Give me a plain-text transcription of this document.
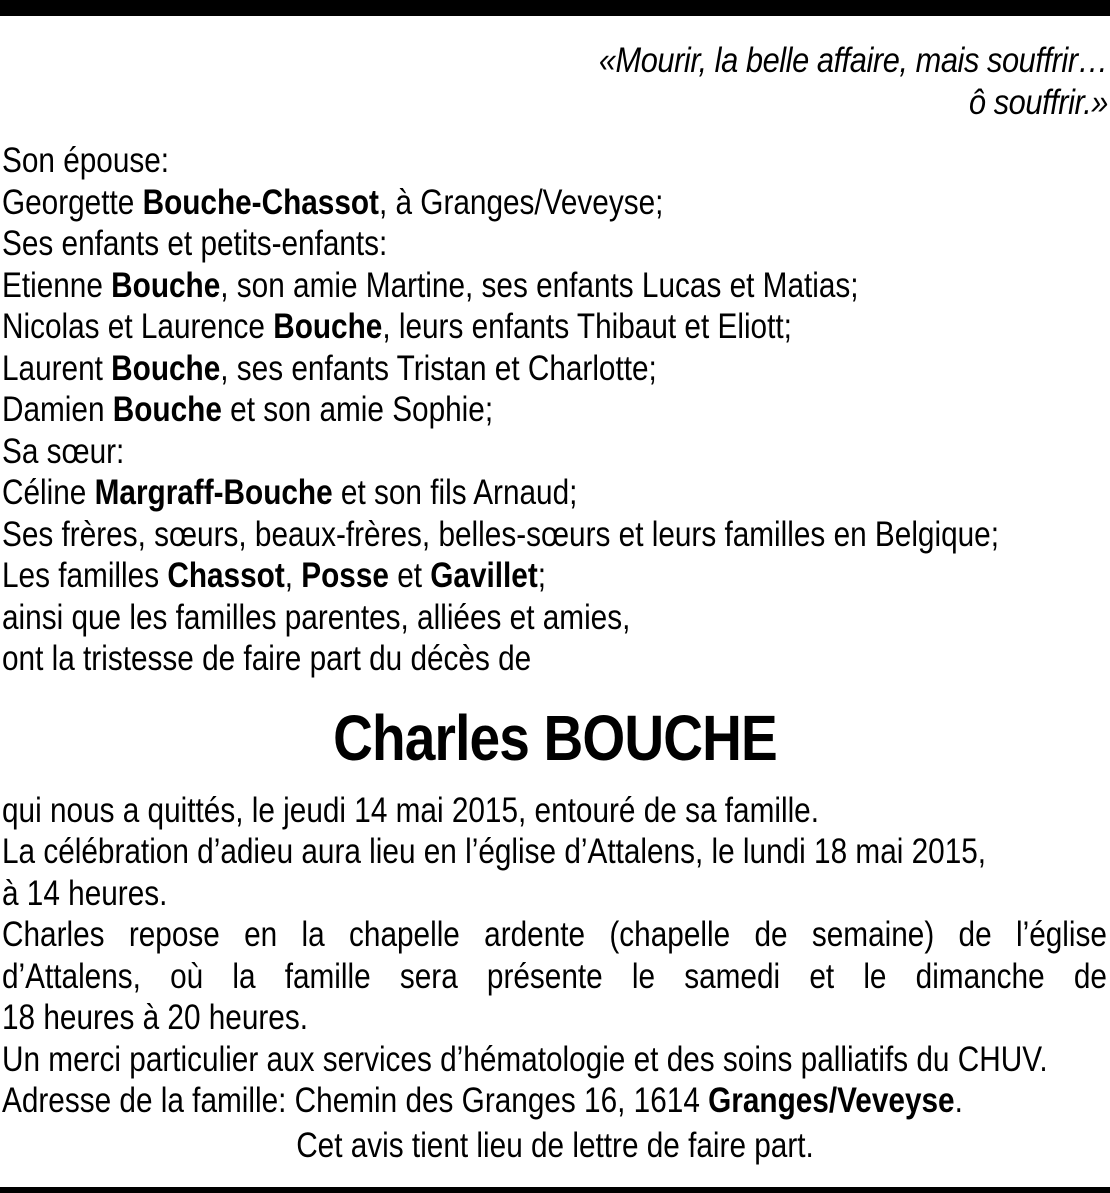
«Mourir, la belle affaire, mais souffrir…
ô souffrir.»
Son épouse:
Georgette Bouche-Chassot, à Granges/Veveyse;
Ses enfants et petits-enfants:
Etienne Bouche, son amie Martine, ses enfants Lucas et Matias;
Nicolas et Laurence Bouche, leurs enfants Thibaut et Eliott;
Laurent Bouche, ses enfants Tristan et Charlotte;
Damien Bouche et son amie Sophie;
Sa sœur:
Céline Margraff-Bouche et son fils Arnaud;
Ses frères, sœurs, beaux-frères, belles-sœurs et leurs familles en Belgique;
Les familles Chassot, Posse et Gavillet;
ainsi que les familles parentes, alliées et amies,
ont la tristesse de faire part du décès de
Charles BOUCHE
qui nous a quittés, le jeudi 14 mai 2015, entouré de sa famille.
La célébration d’adieu aura lieu en l’église d’Attalens, le lundi 18 mai 2015,
à 14 heures.
Charles repose en la chapelle ardente (chapelle de semaine) de l’église
d’Attalens, où la famille sera présente le samedi et le dimanche de
18 heures à 20 heures.
Un merci particulier aux services d’hématologie et des soins palliatifs du CHUV.
Adresse de la famille: Chemin des Granges 16, 1614 Granges/Veveyse.
Cet avis tient lieu de lettre de faire part.
